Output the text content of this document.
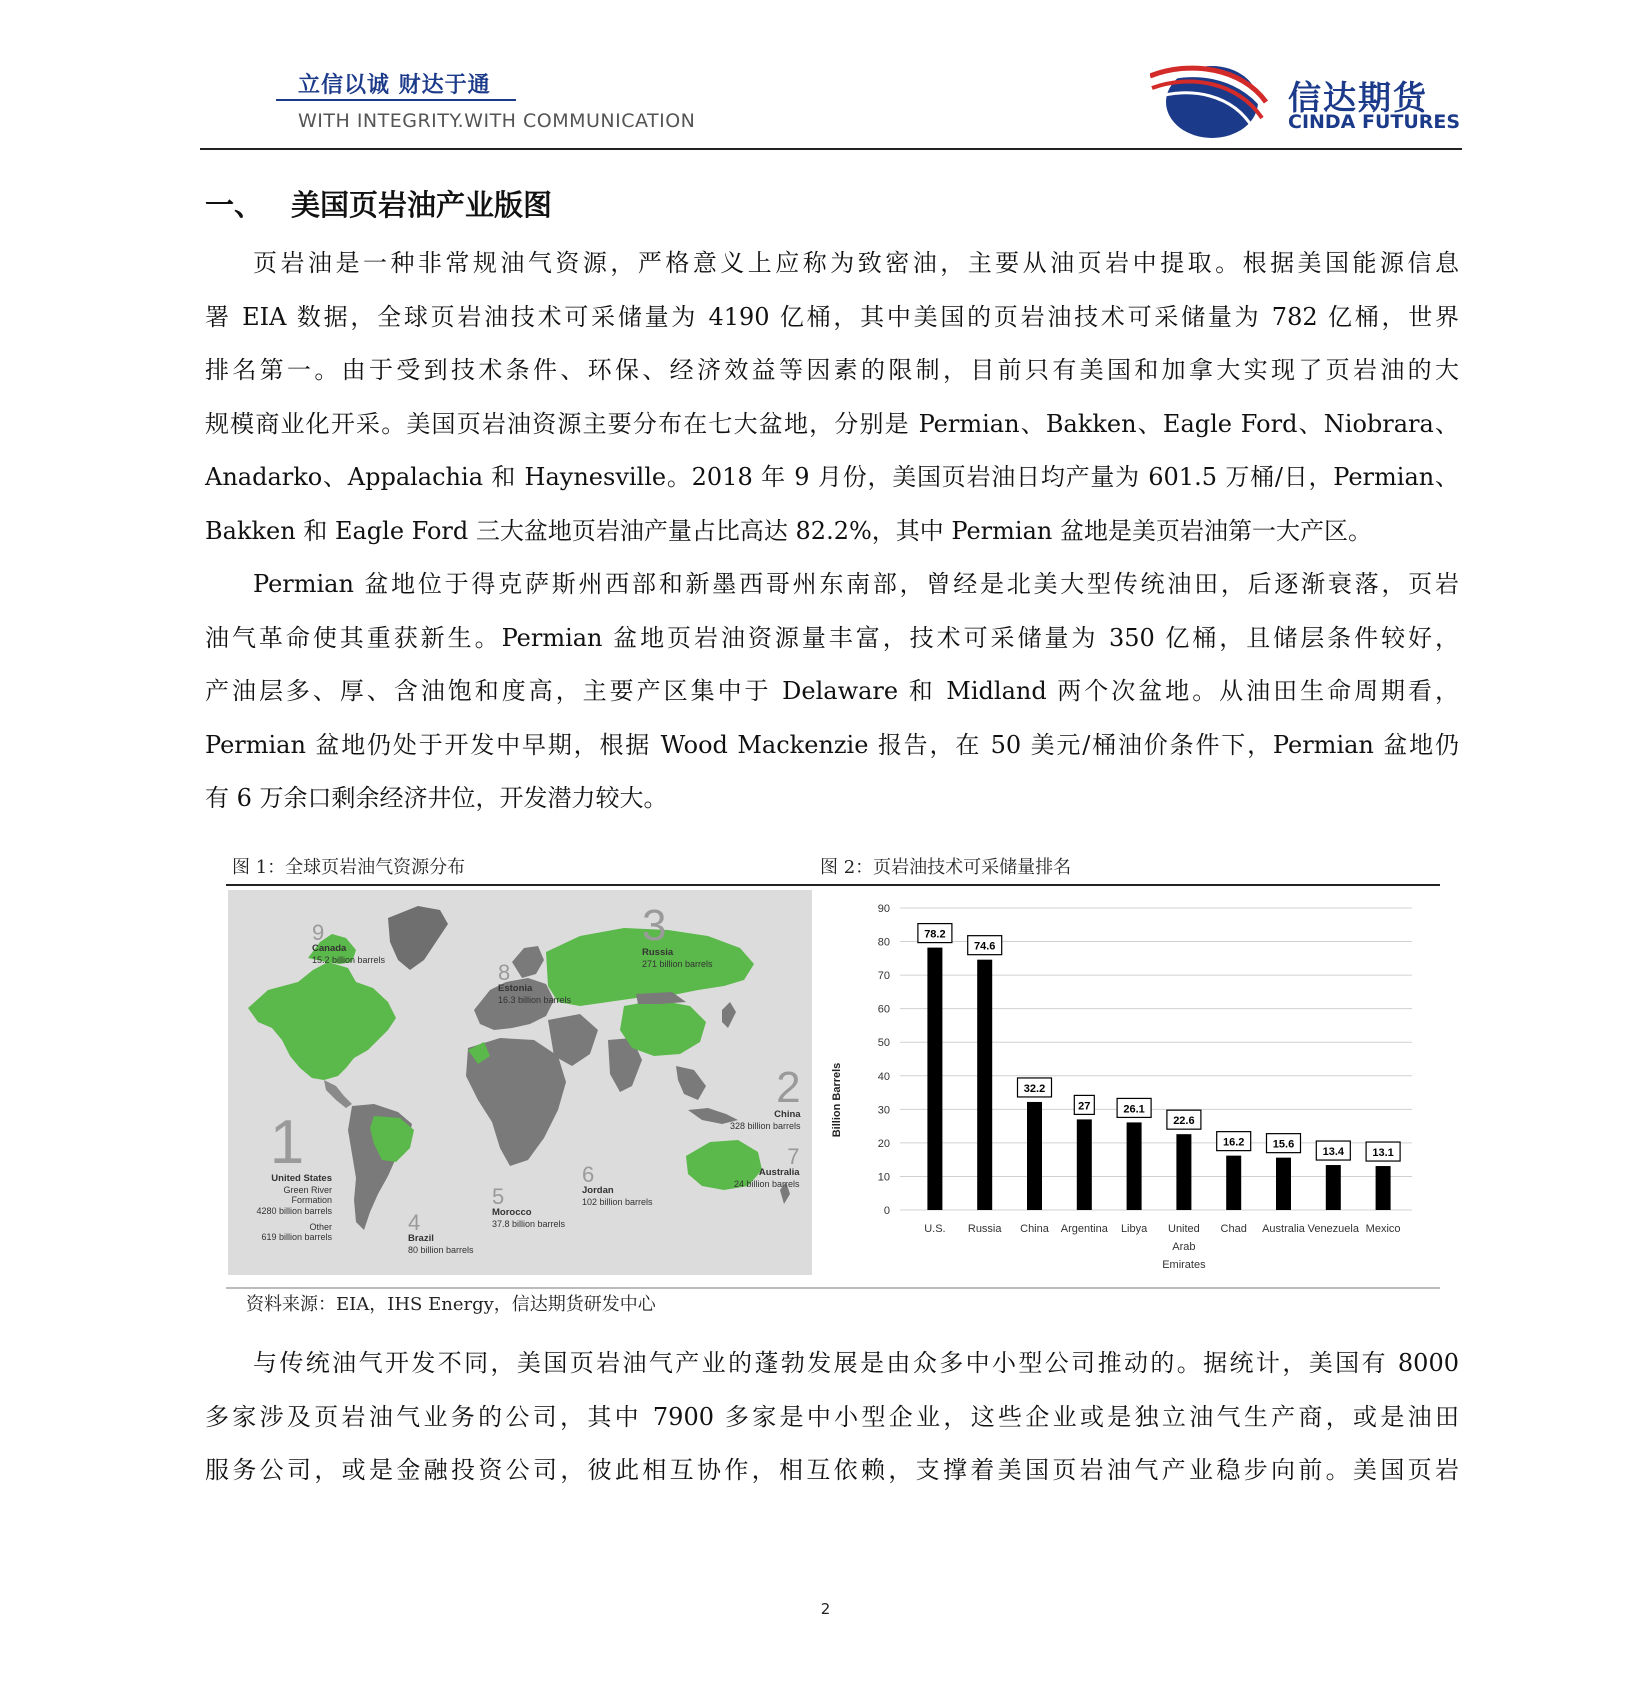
立信以诚 财达于通
WITH INTEGRITY.WITH COMMUNICATION
信达期货
CINDA FUTURES
一、 美国页岩油产业版图

页岩油是一种非常规油气资源，严格意义上应称为致密油，主要从油页岩中提取。根据美国能源信息
署 EIA 数据，全球页岩油技术可采储量为 4190 亿桶，其中美国的页岩油技术可采储量为 782 亿桶，世界
排名第一。由于受到技术条件、环保、经济效益等因素的限制，目前只有美国和加拿大实现了页岩油的大
规模商业化开采。美国页岩油资源主要分布在七大盆地，分别是 Permian、Bakken、Eagle Ford、Niobrara、
Anadarko、Appalachia 和 Haynesville。2018 年 9 月份，美国页岩油日均产量为 601.5 万桶/日，Permian、
Bakken 和 Eagle Ford 三大盆地页岩油产量占比高达 82.2%，其中 Permian 盆地是美页岩油第一大产区。

Permian 盆地位于得克萨斯州西部和新墨西哥州东南部，曾经是北美大型传统油田，后逐渐衰落，页岩
油气革命使其重获新生。Permian 盆地页岩油资源量丰富，技术可采储量为 350 亿桶，且储层条件较好，
产油层多、厚、含油饱和度高，主要产区集中于 Delaware 和 Midland 两个次盆地。从油田生命周期看，
Permian 盆地仍处于开发中早期，根据 Wood Mackenzie 报告，在 50 美元/桶油价条件下，Permian 盆地仍
有 6 万余口剩余经济井位，开发潜力较大。

图 1：全球页岩油气资源分布	图 2：页岩油技术可采储量排名
9
Canada
15.2 billion barrels
8
Estonia
16.3 billion barrels
3
Russia
271 billion barrels
2
China
328 billion barrels
7
Australia
24 billion barrels
1
United States
Green River Formation
4280 billion barrels
Other
619 billion barrels
4
Brazil
80 billion barrels
5
Morocco
37.8 billion barrels
6
Jordan
102 billion barrels
0
10
20
30
40
50
60
70
80
90
78.2
74.6
32.2
27	26.1
22.6
16.2	15.6
13.4	13.1
U.S. Russia China Argentina Libya United
Arab
Emirates
Chad Australia Venezuela Mexico
Billion Barrels
资料来源：EIA，IHS Energy，信达期货研发中心

与传统油气开发不同，美国页岩油气产业的蓬勃发展是由众多中小型公司推动的。据统计，美国有 8000
多家涉及页岩油气业务的公司，其中 7900 多家是中小型企业，这些企业或是独立油气生产商，或是油田
服务公司，或是金融投资公司，彼此相互协作，相互依赖，支撑着美国页岩油气产业稳步向前。美国页岩

2
